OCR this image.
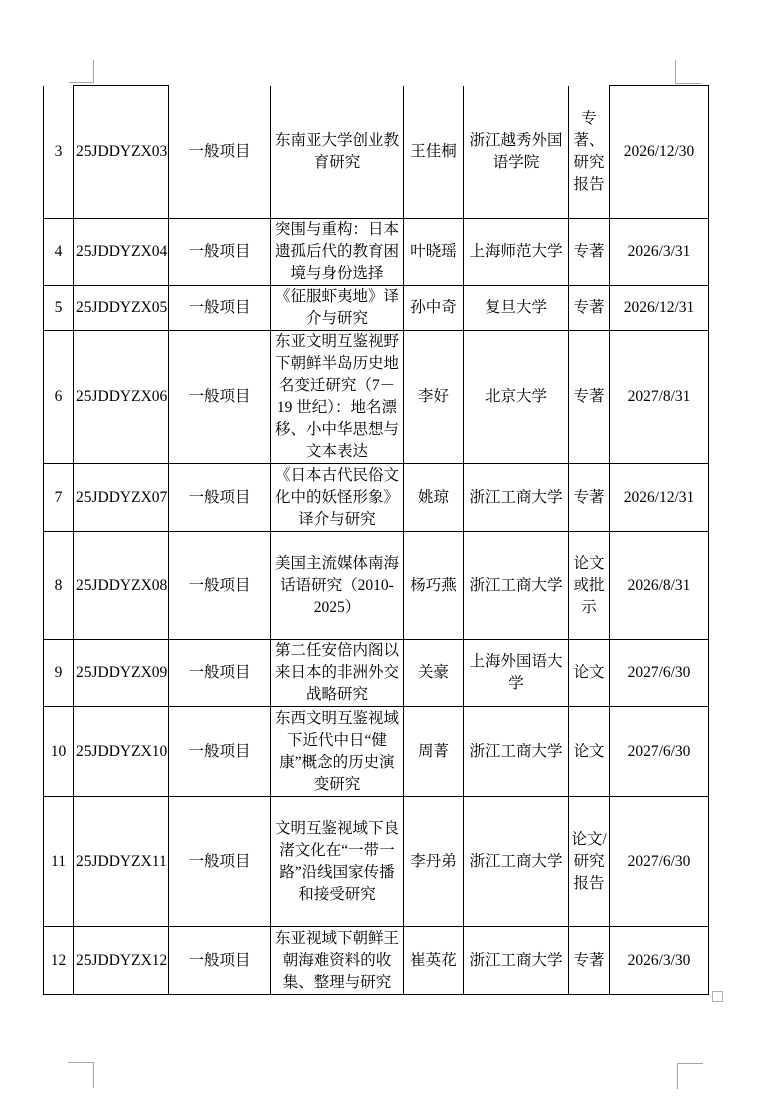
3	25JDDYZX03	一般项目	东南亚大学创业教育研究	王佳桐	浙江越秀外国语学院	专著、研究报告	2026/12/30
4	25JDDYZX04	一般项目	突围与重构：日本遗孤后代的教育困境与身份选择	叶晓瑶	上海师范大学	专著	2026/3/31
5	25JDDYZX05	一般项目	《征服虾夷地》译介与研究	孙中奇	复旦大学	专著	2026/12/31
6	25JDDYZX06	一般项目	东亚文明互鉴视野下朝鲜半岛历史地名变迁研究（7－19 世纪）：地名漂移、小中华思想与文本表达	李好	北京大学	专著	2027/8/31
7	25JDDYZX07	一般项目	《日本古代民俗文化中的妖怪形象》译介与研究	姚琼	浙江工商大学	专著	2026/12/31
8	25JDDYZX08	一般项目	美国主流媒体南海话语研究（2010-2025）	杨巧燕	浙江工商大学	论文或批示	2026/8/31
9	25JDDYZX09	一般项目	第二任安倍内阁以来日本的非洲外交战略研究	关豪	上海外国语大学	论文	2027/6/30
10	25JDDYZX10	一般项目	东西文明互鉴视域下近代中日“健康”概念的历史演变研究	周菁	浙江工商大学	论文	2027/6/30
11	25JDDYZX11	一般项目	文明互鉴视域下良渚文化在“一带一路”沿线国家传播和接受研究	李丹弟	浙江工商大学	论文/研究报告	2027/6/30
12	25JDDYZX12	一般项目	东亚视域下朝鲜王朝海难资料的收集、整理与研究	崔英花	浙江工商大学	专著	2026/3/30
